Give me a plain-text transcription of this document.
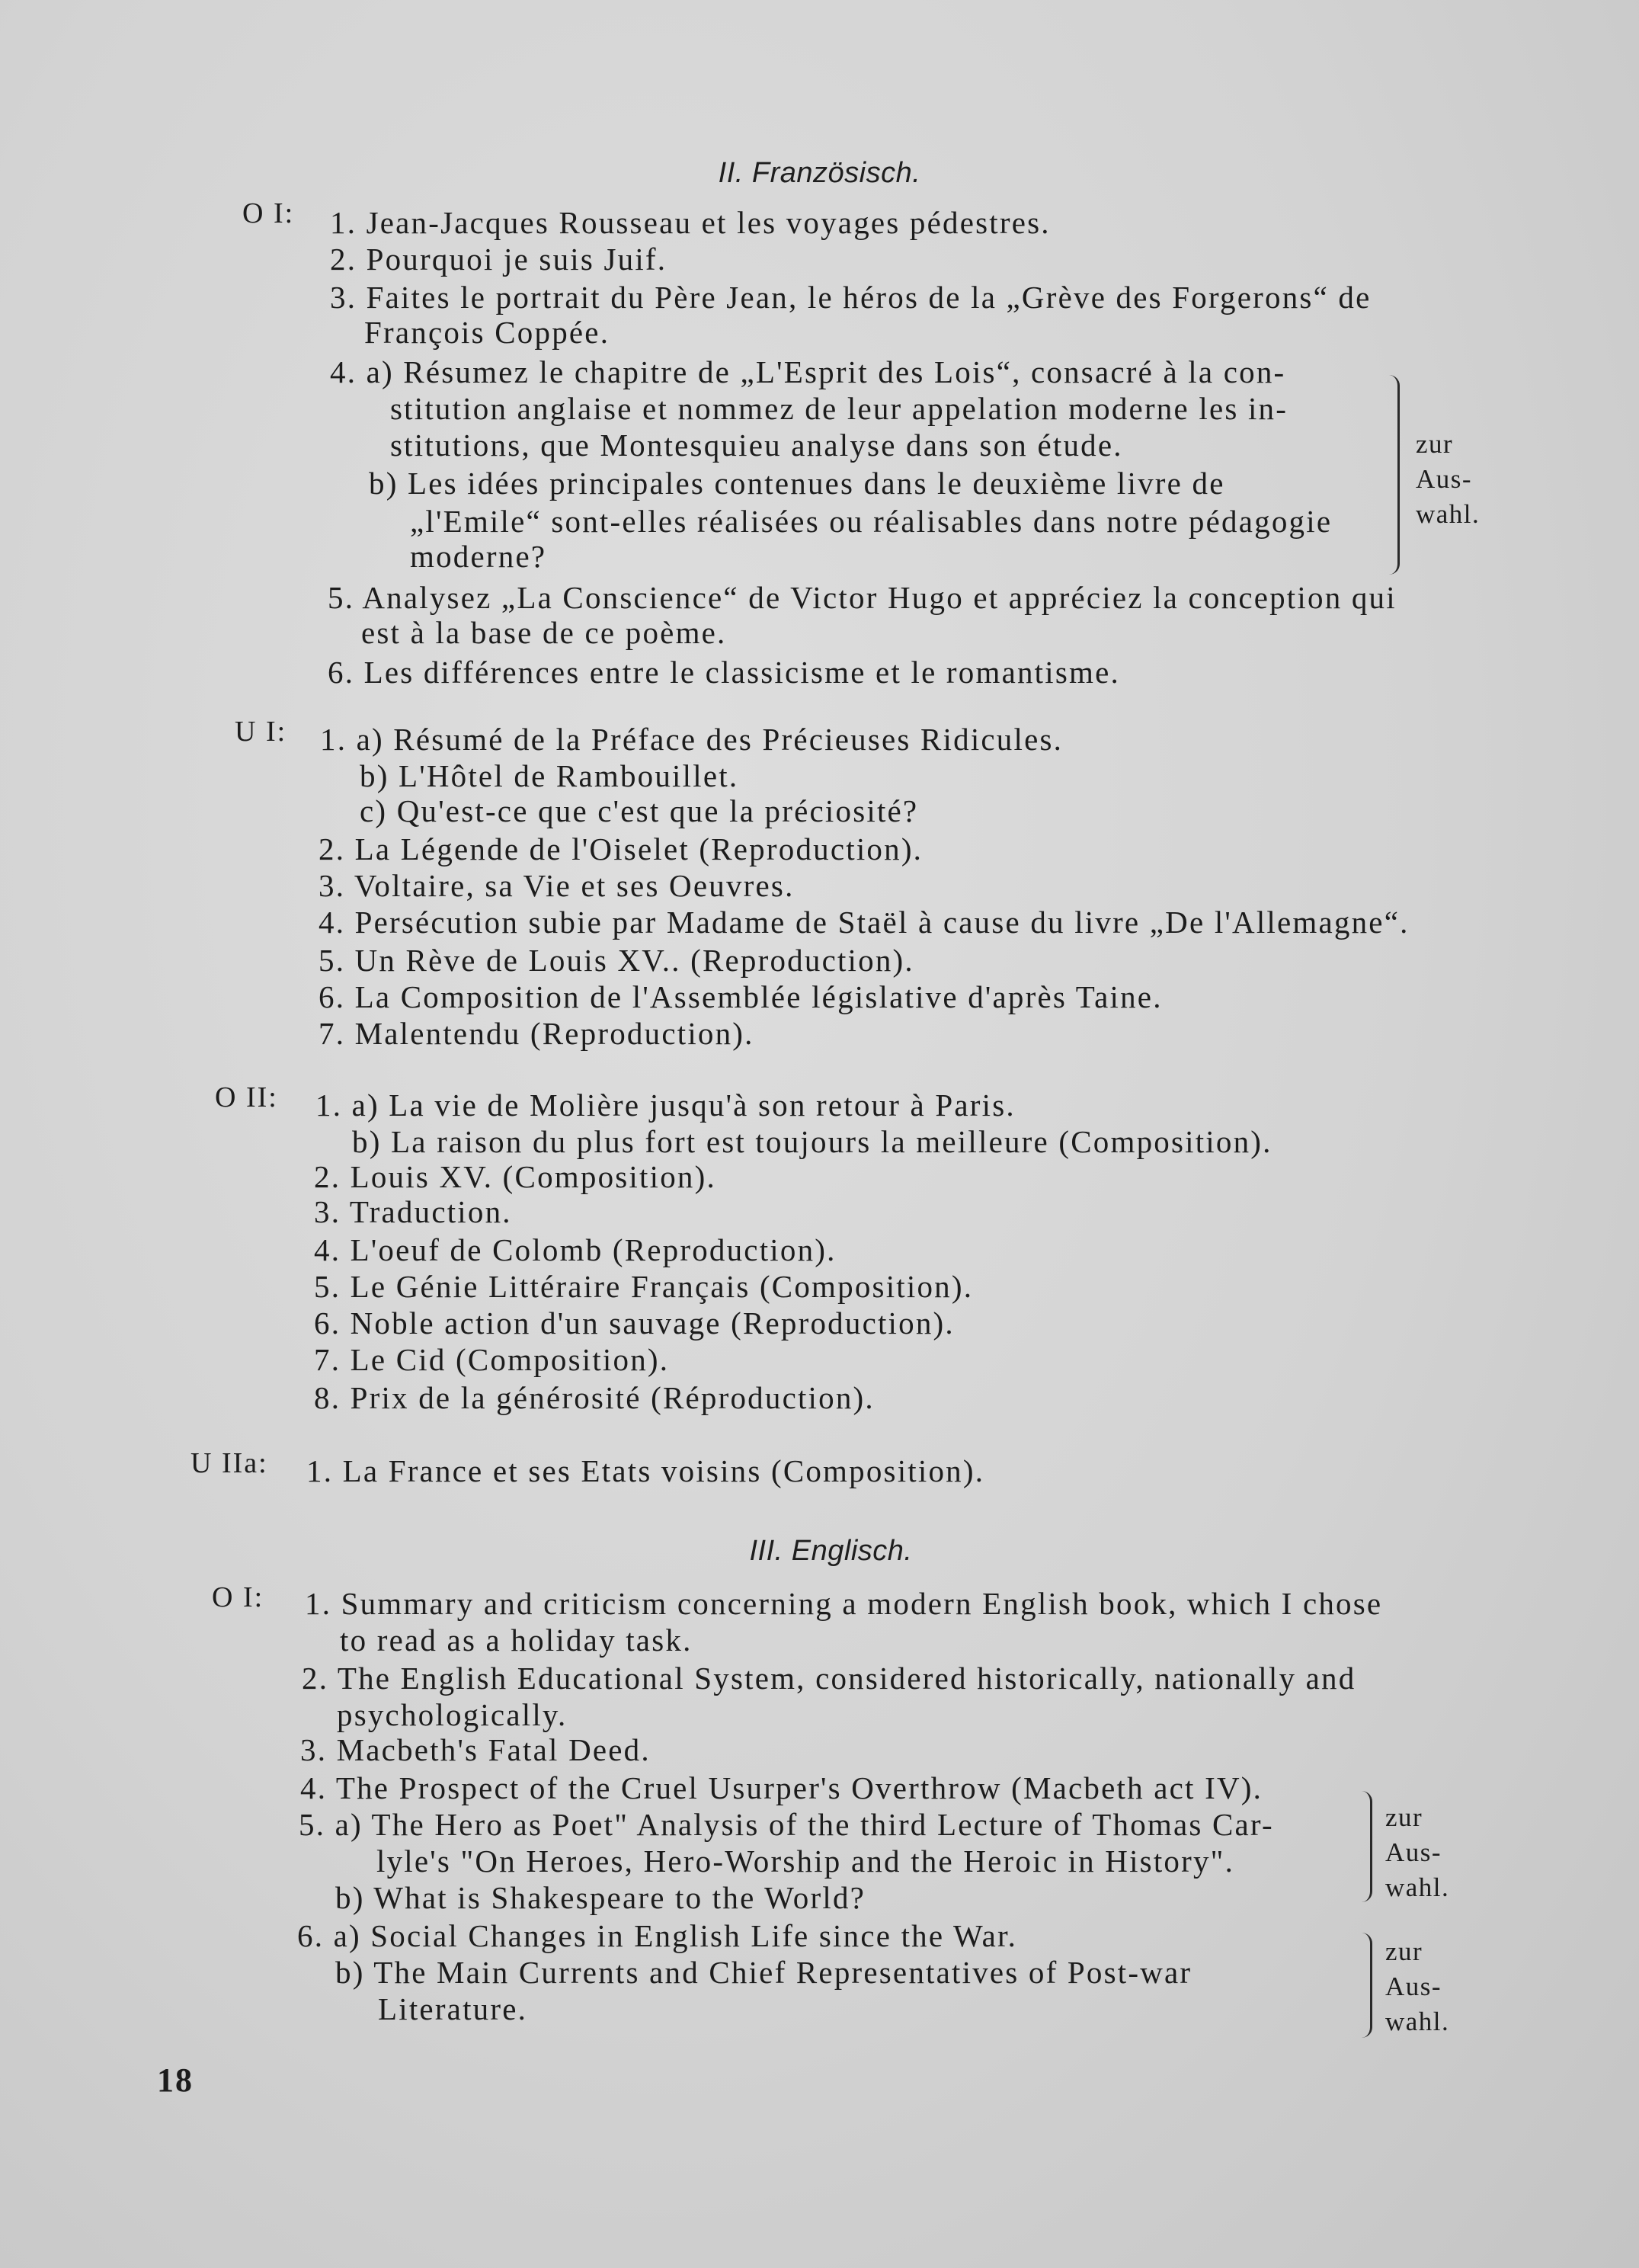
II. Französisch.
O I: 1. Jean-Jacques Rousseau et les voyages pédestres.
2. Pourquoi je suis Juif.
3. Faites le portrait du Père Jean, le héros de la „Grève des Forgerons“ de
François Coppée.
4. a) Résumez le chapitre de „L'Esprit des Lois“, consacré à la con-
stitution anglaise et nommez de leur appelation moderne les in-
stitutions, que Montesquieu analyse dans son étude.
b) Les idées principales contenues dans le deuxième livre de
„l'Emile“ sont-elles réalisées ou réalisables dans notre pédagogie
moderne?
5. Analysez „La Conscience“ de Victor Hugo et appréciez la conception qui
est à la base de ce poème.
6. Les différences entre le classicisme et le romantisme.
zur
Aus-
wahl.
U I: 1. a) Résumé de la Préface des Précieuses Ridicules.
b) L'Hôtel de Rambouillet.
c) Qu'est-ce que c'est que la préciosité?
2. La Légende de l'Oiselet (Reproduction).
3. Voltaire, sa Vie et ses Oeuvres.
4. Persécution subie par Madame de Staël à cause du livre „De l'Allemagne“.
5. Un Rève de Louis XV.. (Reproduction).
6. La Composition de l'Assemblée législative d'après Taine.
7. Malentendu (Reproduction).
O II: 1. a) La vie de Molière jusqu'à son retour à Paris.
b) La raison du plus fort est toujours la meilleure (Composition).
2. Louis XV. (Composition).
3. Traduction.
4. L'oeuf de Colomb (Reproduction).
5. Le Génie Littéraire Français (Composition).
6. Noble action d'un sauvage (Reproduction).
7. Le Cid (Composition).
8. Prix de la générosité (Réproduction).
U IIa: 1. La France et ses Etats voisins (Composition).
III. Englisch.
O I: 1. Summary and criticism concerning a modern English book, which I chose
to read as a holiday task.
2. The English Educational System, considered historically, nationally and
psychologically.
3. Macbeth's Fatal Deed.
4. The Prospect of the Cruel Usurper's Overthrow (Macbeth act IV).
5. a) The Hero as Poet" Analysis of the third Lecture of Thomas Car-
lyle's "On Heroes, Hero-Worship and the Heroic in History".
b) What is Shakespeare to the World?
6. a) Social Changes in English Life since the War.
b) The Main Currents and Chief Representatives of Post-war
Literature.
zur
Aus-
wahl.
zur
Aus-
wahl.
18
